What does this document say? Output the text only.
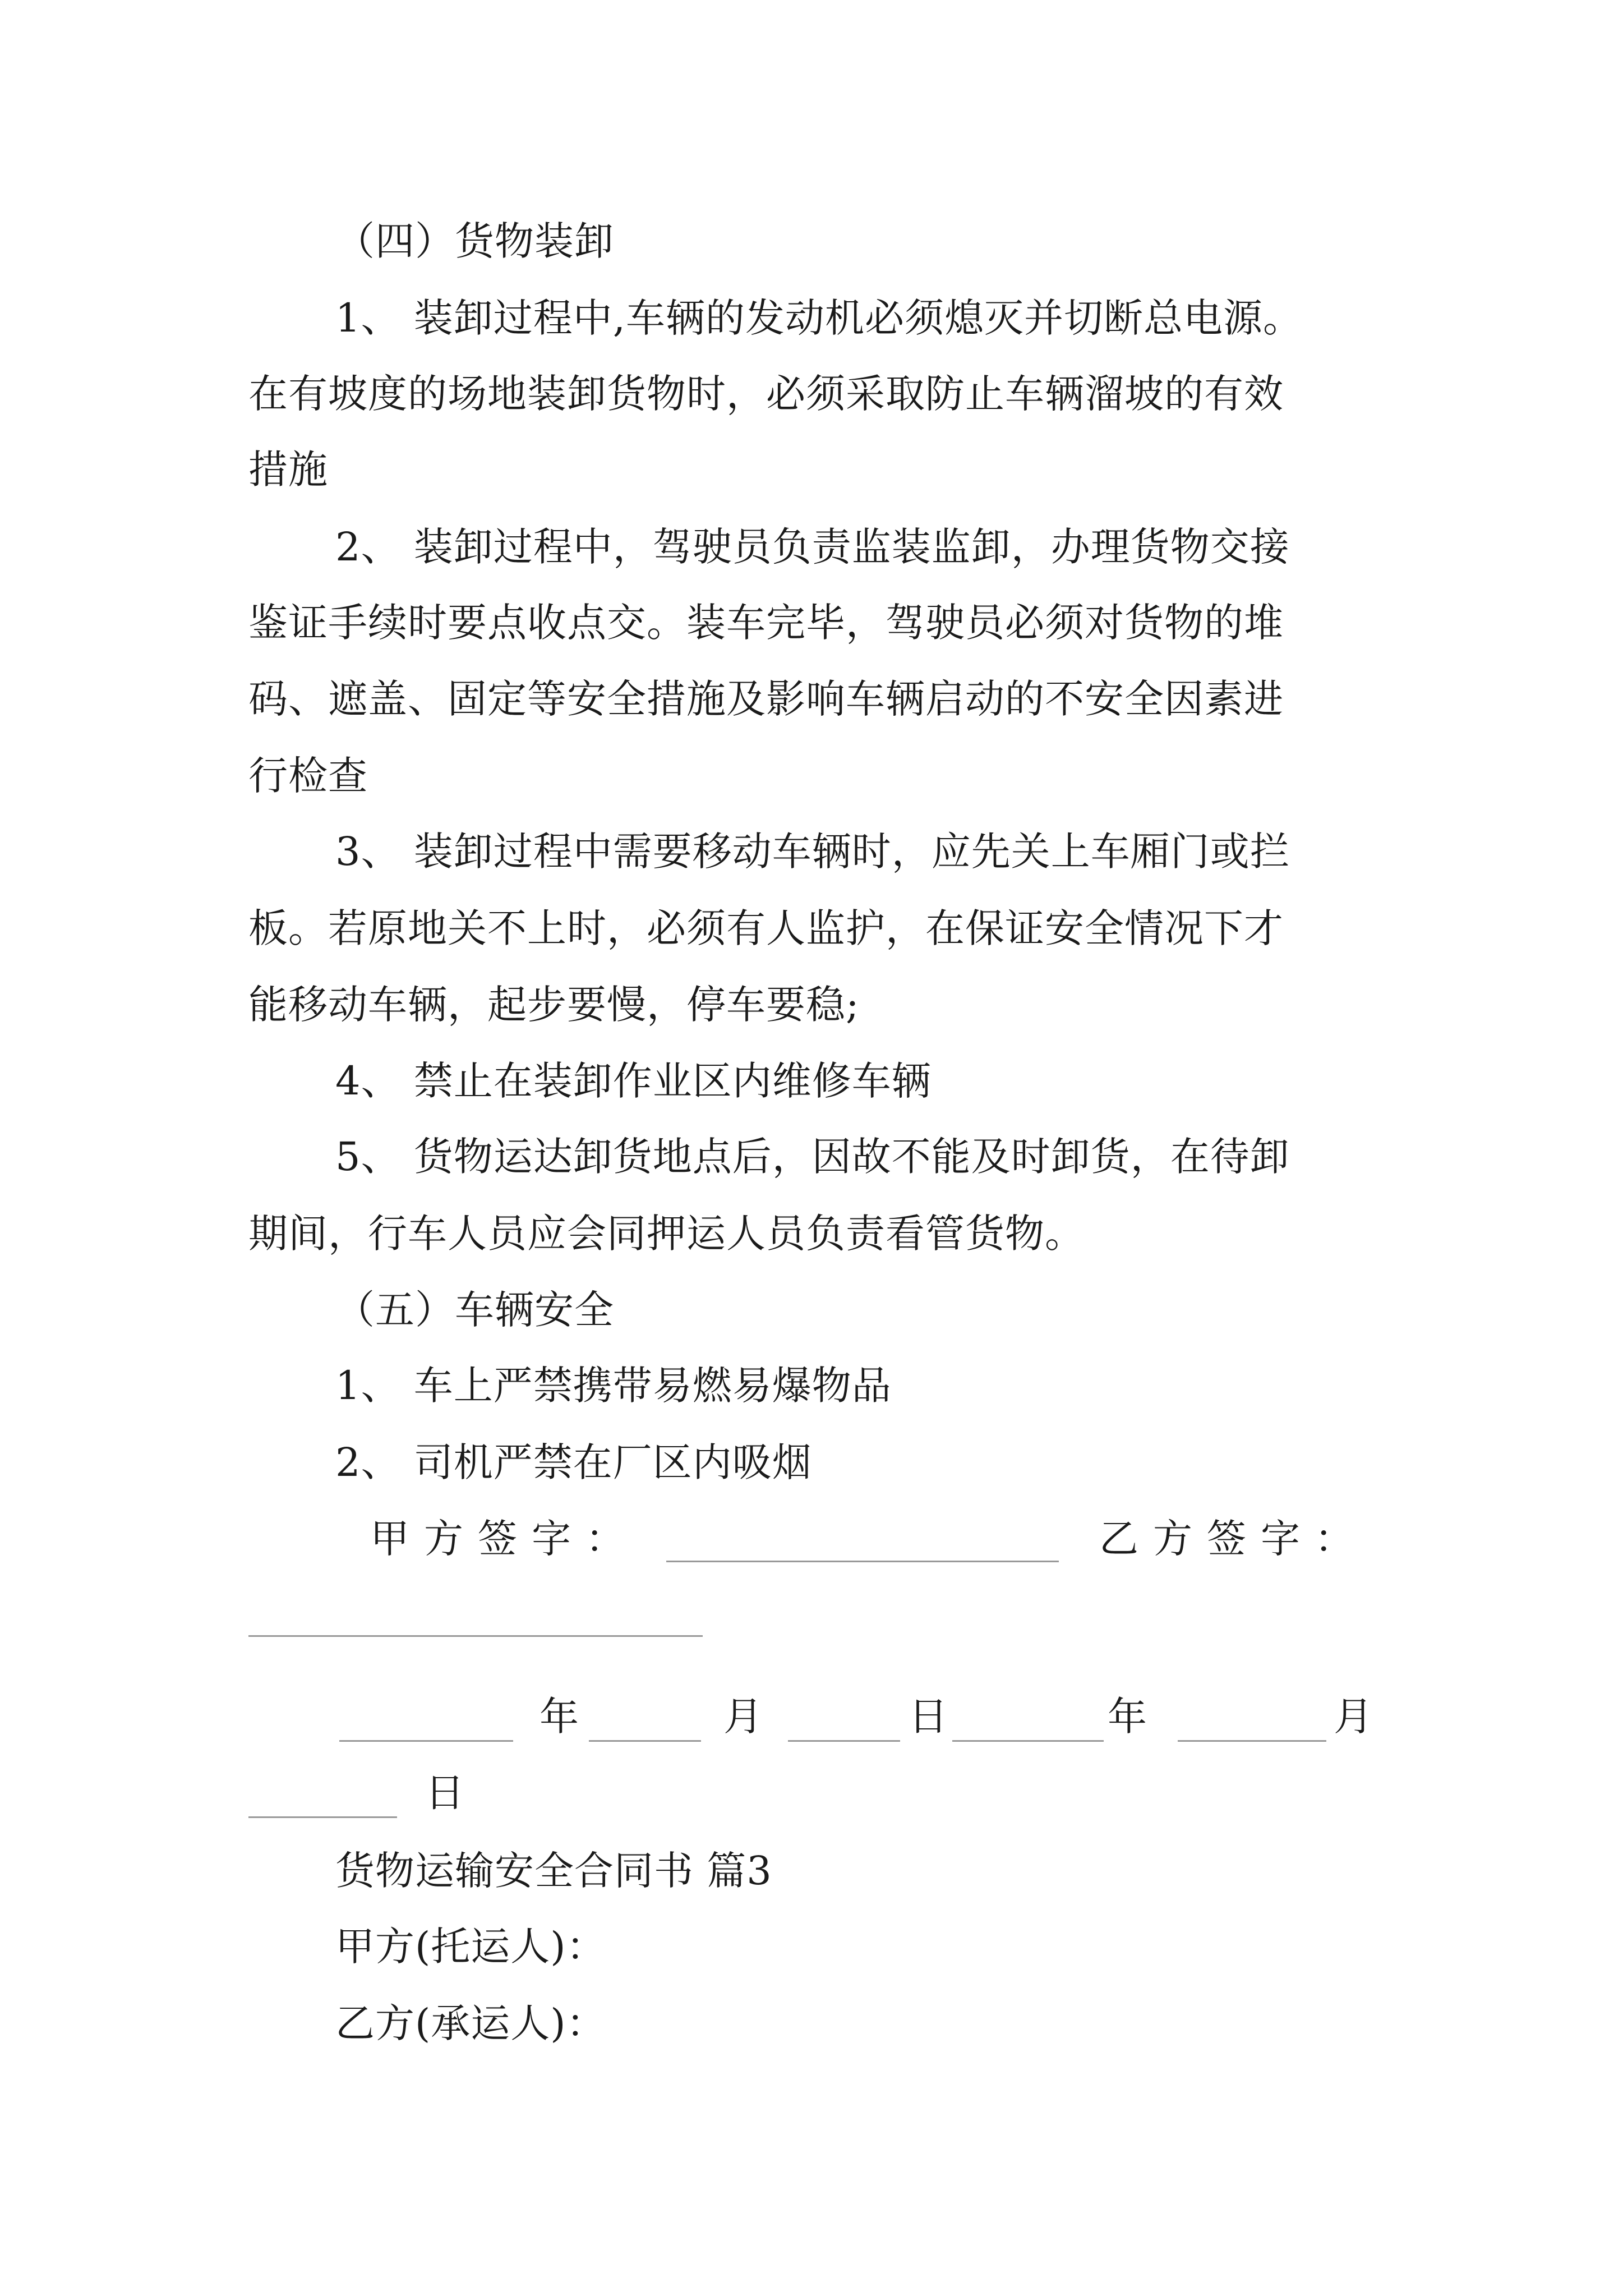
（四）货物装卸
1、 装卸过程中,车辆的发动机必须熄灭并切断总电源。
在有坡度的场地装卸货物时，必须采取防止车辆溜坡的有效
措施
2、 装卸过程中，驾驶员负责监装监卸，办理货物交接
鉴证手续时要点收点交。装车完毕，驾驶员必须对货物的堆
码、遮盖、固定等安全措施及影响车辆启动的不安全因素进
行检查
3、 装卸过程中需要移动车辆时，应先关上车厢门或拦
板。若原地关不上时，必须有人监护，在保证安全情况下才
能移动车辆，起步要慢，停车要稳;
4、 禁止在装卸作业区内维修车辆
5、 货物运达卸货地点后，因故不能及时卸货，在待卸
期间，行车人员应会同押运人员负责看管货物。
（五）车辆安全
1、 车上严禁携带易燃易爆物品
2、 司机严禁在厂区内吸烟
甲方签字：	乙方签字：
年	月	日	年	月
日
货物运输安全合同书 篇3
甲方(托运人)：
乙方(承运人)：
